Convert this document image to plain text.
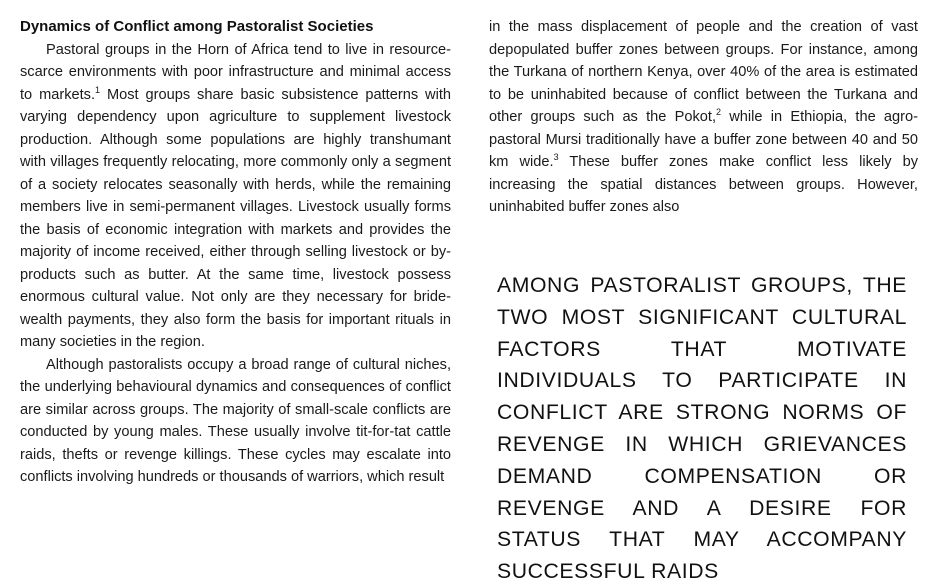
Dynamics of Conflict among Pastoralist Societies

Pastoral groups in the Horn of Africa tend to live in resource-scarce environments with poor infrastructure and minimal access to markets.$^1$ Most groups share basic subsistence patterns with varying dependency upon agriculture to supplement livestock production. Although some populations are highly transhumant with villages frequently relocating, more commonly only a segment of a society relocates seasonally with herds, while the remaining members live in semi-permanent villages. Livestock usually forms the basis of economic integration with markets and provides the majority of income received, either through selling livestock or by-products such as butter. At the same time, livestock possess enormous cultural value. Not only are they necessary for bride-wealth payments, they also form the basis for important rituals in many societies in the region.

Although pastoralists occupy a broad range of cultural niches, the underlying behavioural dynamics and consequences of conflict are similar across groups. The majority of small-scale conflicts are conducted by young males. These usually involve tit-for-tat cattle raids, thefts or revenge killings. These cycles may escalate into conflicts involving hundreds or thousands of warriors, which result

in the mass displacement of people and the creation of vast depopulated buffer zones between groups. For instance, among the Turkana of northern Kenya, over 40% of the area is estimated to be uninhabited because of conflict between the Turkana and other groups such as the Pokot,$^2$ while in Ethiopia, the agro-pastoral Mursi traditionally have a buffer zone between 40 and 50 km wide.$^3$ These buffer zones make conflict less likely by increasing the spatial distances between groups. However, uninhabited buffer zones also

AMONG PASTORALIST GROUPS, THE TWO MOST SIGNIFICANT CULTURAL FACTORS THAT MOTIVATE INDIVIDUALS TO PARTICIPATE IN CONFLICT ARE STRONG NORMS OF REVENGE IN WHICH GRIEVANCES DEMAND COMPENSATION OR REVENGE AND A DESIRE FOR STATUS THAT MAY ACCOMPANY SUCCESSFUL RAIDS
